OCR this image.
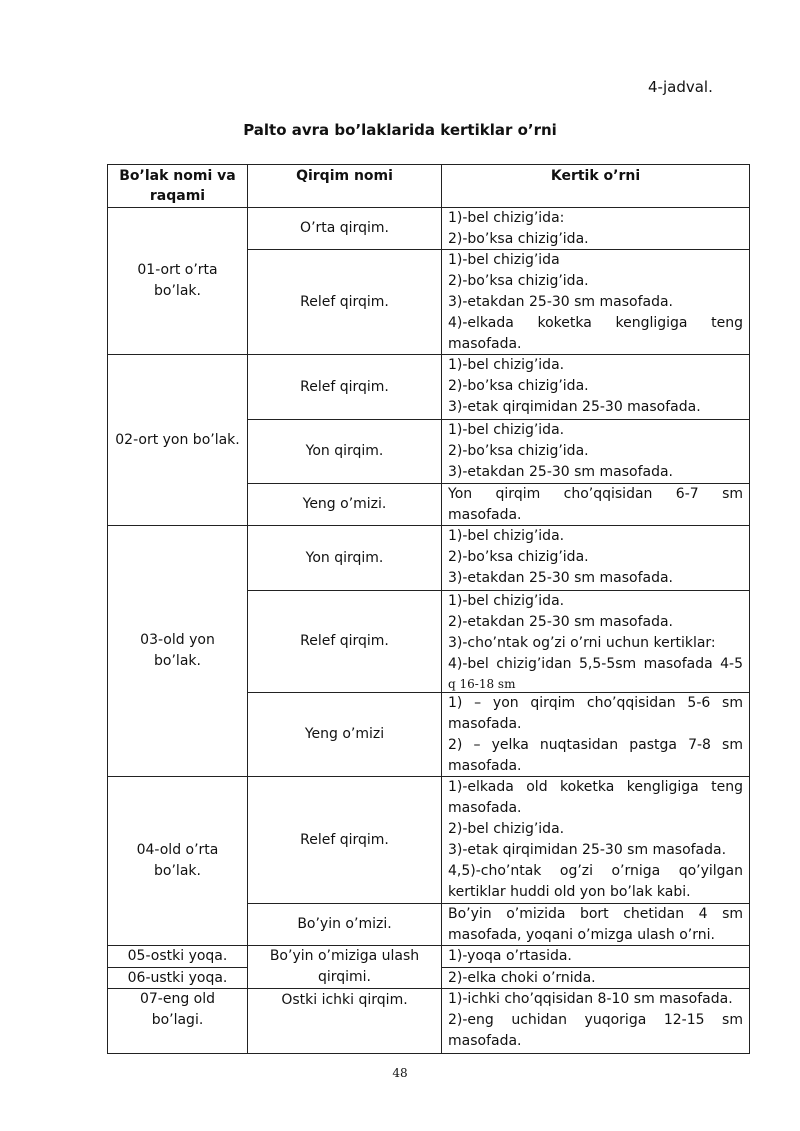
4-jadval.
Palto avra bo’laklarida kertiklar o’rni
Bo’lak nomi va raqami
Qirqim nomi	Kertik o’rni
01-ort o’rta bo’lak.
02-ort yon bo’lak.
03-old yon bo’lak.
04-old o’rta bo’lak.
05-ostki yoqa.
06-ustki yoqa.
07-eng old bo’lagi.
O’rta qirqim.
Relef qirqim.
Relef qirqim.
Yon qirqim.
Yeng o’mizi.
Yon qirqim.
Relef qirqim.
Yeng o’mizi
Relef qirqim.
Bo’yin o’mizi.
Bo’yin o’miziga ulash qirqimi.
Ostki ichki qirqim.
1)-bel chizig’ida:
2)-bo’ksa chizig’ida.
1)-bel chizig’ida
2)-bo’ksa chizig’ida.
3)-etakdan 25-30 sm masofada.
4)-elkada koketka kengligiga teng
masofada.
1)-bel chizig’ida.
2)-bo’ksa chizig’ida.
3)-etak qirqimidan 25-30 masofada.
1)-bel chizig’ida.
2)-bo’ksa chizig’ida.
3)-etakdan 25-30 sm masofada.
Yon qirqim cho’qqisidan 6-7 sm
masofada.
1)-bel chizig’ida.
2)-bo’ksa chizig’ida.
3)-etakdan 25-30 sm masofada.
1)-bel chizig’ida.
2)-etakdan 25-30 sm masofada.
3)-cho’ntak og’zi o’rni uchun kertiklar:
4)-bel chizig’idan 5,5-5sm masofada 4-5
q 16-18 sm
1) – yon qirqim cho’qqisidan 5-6 sm
masofada.
2) – yelka nuqtasidan pastga 7-8 sm
masofada.
1)-elkada old koketka kengligiga teng
masofada.
2)-bel chizig’ida.
3)-etak qirqimidan 25-30 sm masofada.
4,5)-cho’ntak og’zi o’rniga qo’yilgan
kertiklar huddi old yon bo’lak kabi.
Bo’yin o’mizida bort chetidan 4 sm
masofada, yoqani o’mizga ulash o’rni.
1)-yoqa o’rtasida.
2)-elka choki o’rnida.
1)-ichki cho’qqisidan 8-10 sm masofada.
2)-eng uchidan yuqoriga 12-15 sm
masofada.
48
